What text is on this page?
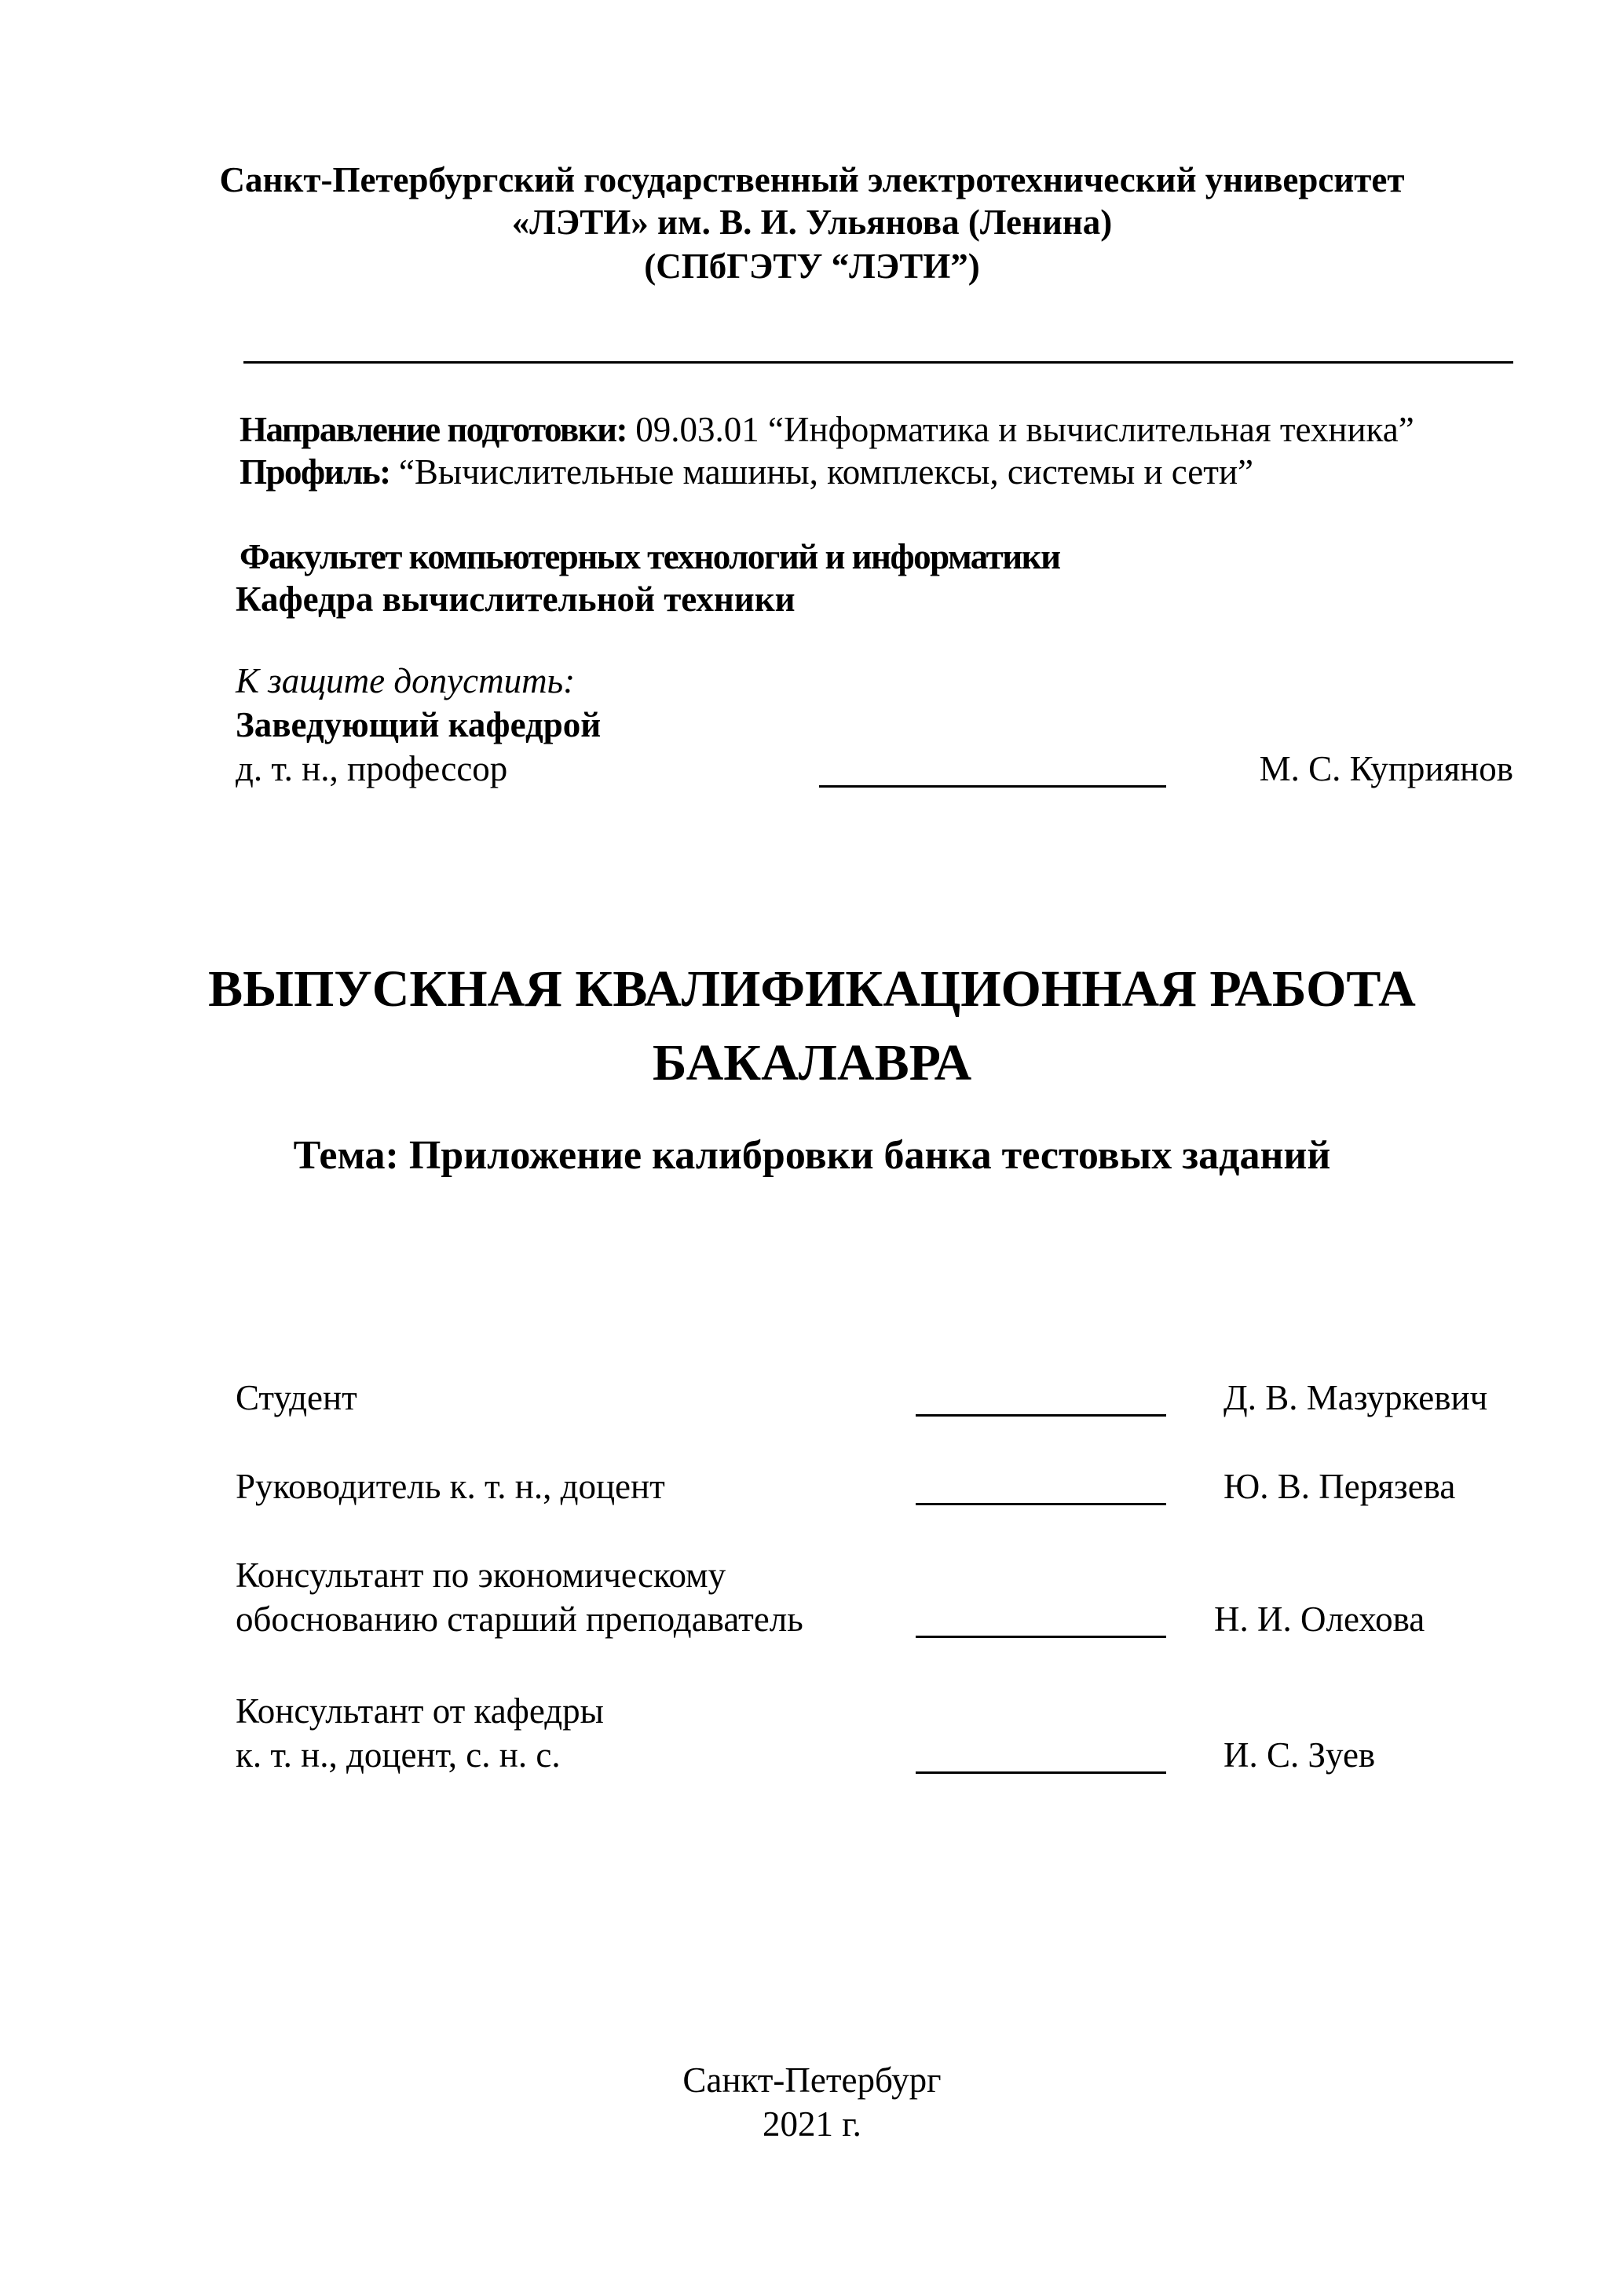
Санкт-Петербургский государственный электротехнический университет
«ЛЭТИ» им. В. И. Ульянова (Ленина)
(СПбГЭТУ “ЛЭТИ”)
Направление подготовки: 09.03.01 “Информатика и вычислительная техника”
Профиль: “Вычислительные машины, комплексы, системы и сети”
Факультет компьютерных технологий и информатики
Кафедра вычислительной техники
К защите допустить:
Заведующий кафедрой
д. т. н., профессор	М. С. Куприянов
ВЫПУСКНАЯ КВАЛИФИКАЦИОННАЯ РАБОТА
БАКАЛАВРА
Тема: Приложение калибровки банка тестовых заданий
Студент	Д. В. Мазуркевич
Руководитель к. т. н., доцент	Ю. В. Перязева
Консультант по экономическому
обоснованию старший преподаватель	Н. И. Олехова
Консультант от кафедры
к. т. н., доцент, с. н. с.	И. С. Зуев
Санкт-Петербург
2021 г.
